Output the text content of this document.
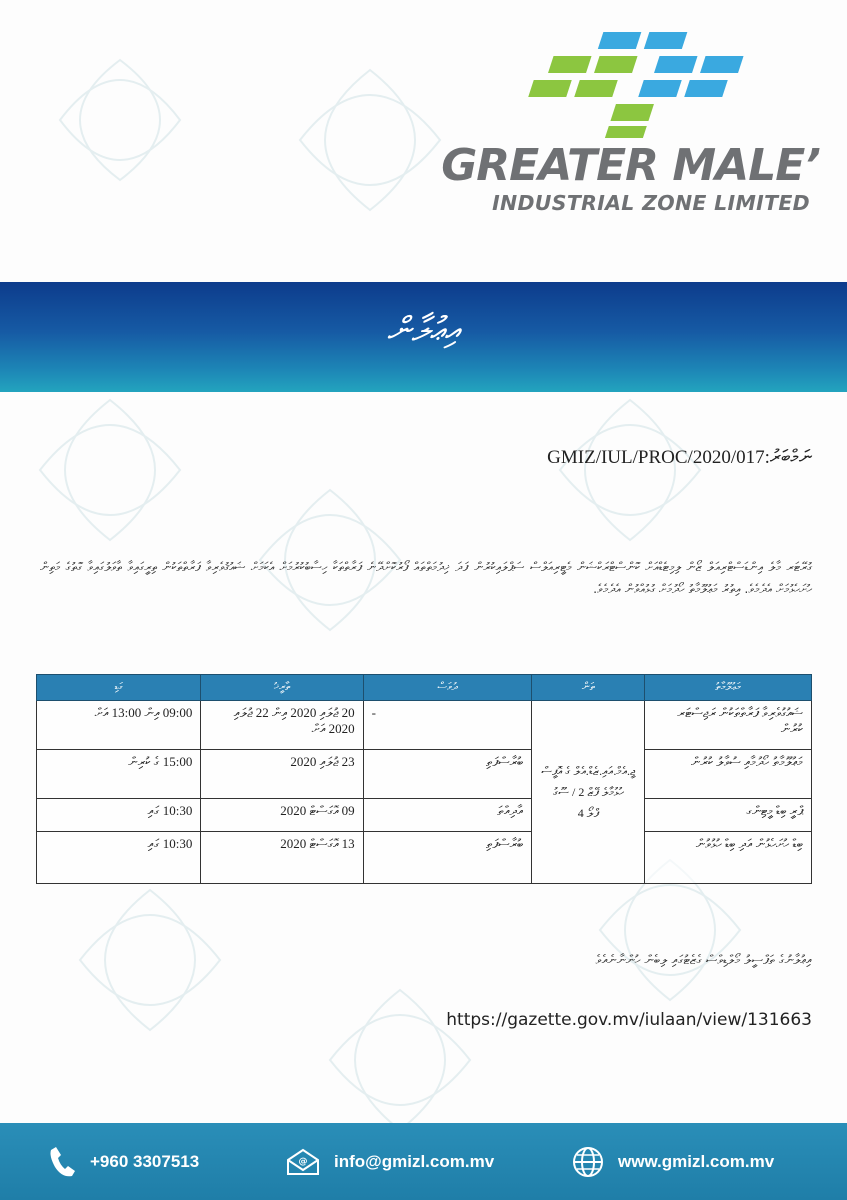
GREATER MALE’
INDUSTRIAL ZONE LIMITED
އިޢުލާން
ނަމްބަރު:GMIZ/IUL/PROC/2020/017
ގުރޭޓަރ މާލެ އިންޑަސްޓްރިއަލް ޒޯން ލިމިޓެޑްއަށް ކޮންސްޓްރަކްޝަން މެޓީރިއަލްސް ސަޕްލައިކުރުން ފަދަ ޚިދުމަތްތައް ފޯރުކޮށްދޭނެ ފަރާތްތަކާ ހިސާބުކުރުމަށް އެކަމަށް ޝައުޤުވެރިވާ ފަރާތްތަކުން ތިރީގައިވާ ތާވަލުގައިވާ ގޮތުގެ މަތިން ހުށަހެޅުމަށް އެދެމެވެ. އިތުރު މަޢުލޫމާތު ހޯދުމަށް ގުޅުއްވުން އެދެމެވެ.
ގަޑި	ތާރީޚު	ދުވަސް	ތަން	މަޢުލޫމާތު
09:00 އިން 13:00 އަށް	20 ޖުލައި 2020 އިން 22 ޖުލައި 2020 އަށް	-	ޖީ.އެމް.އައި.ޒެޑް.އެލް ގެ އޮފީސް
ހުޅުމާލެ ފޭޒް 2 / ސޫގު
ފްލޯ 4	ޝައުގުވެރިވާ ފަރާތްތަކުން ރަޖިސްޓަރ ކުރުން
15:00 ގެ ކުރިން	23 ޖުލައި 2020	ބުރާސްފަތި		މަޢުލޫމާތު ހޯދުމާއި ސުވާލު ކުރުން
10:30 ގައި	09 އޮގަސްޓް 2020	އާދިއްތަ		ޕްރީ ބިޑް މީޓިންގ
10:30 ގައި	13 އޮގަސްޓް 2020	ބުރާސްފަތި		ބިޑް ހުށަހެޅުން އަދި ބިޑް ހުޅުވުން
އިޢުލާނުގެ ތަފްސީލު މޯލްޑިވްސް ގެޒެޓުގައި ލިބެން ހުންނާނެއެވެ
https://gazette.gov.mv/iulaan/view/131663
+960 3307513	@ info@gmizl.com.mv	www.gmizl.com.mv
